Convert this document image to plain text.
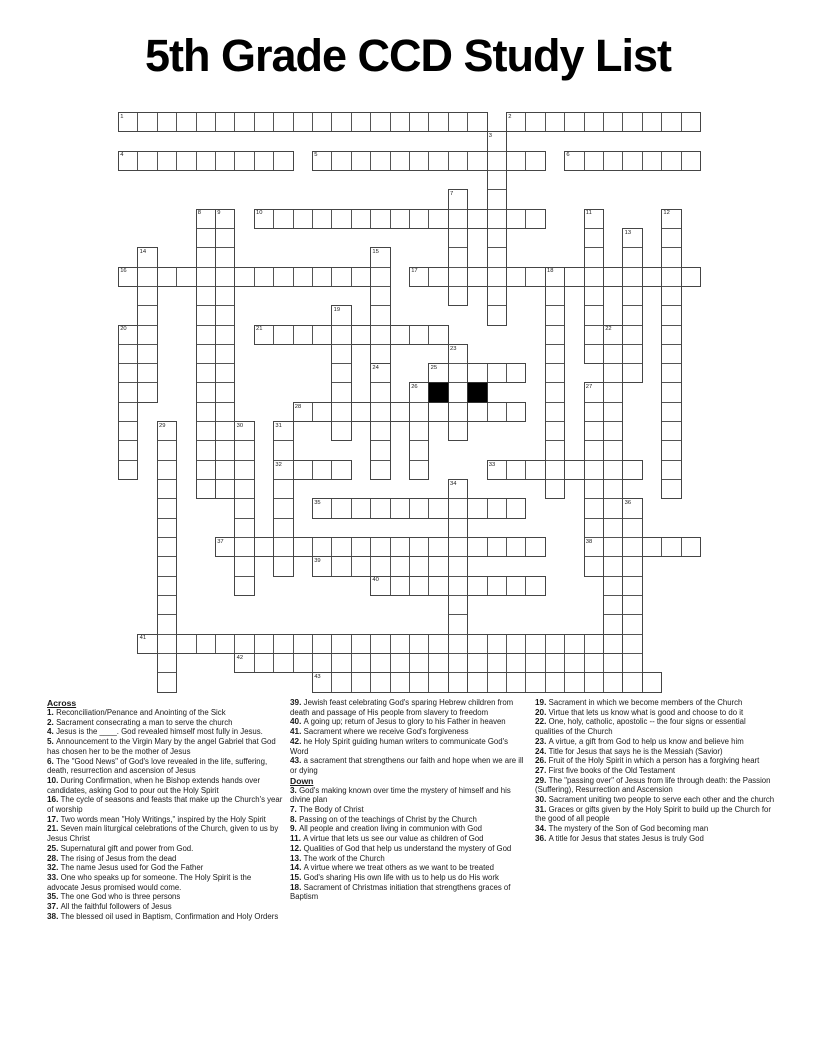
5th Grade CCD Study List
1	2
4	5	6
10
16	17
21
25
28
32	33
35
37	38
39
40
41
42
43
3
7
8	9	11	12
13
14	15
18
19
20	22
23
24
26	27
29	30	31
34
36
Across
1. Reconciliation/Penance and Anointing of the Sick
2. Sacrament consecrating a man to serve the church
4. Jesus is the ____. God revealed himself most fully in Jesus.
5. Announcement to the Virgin Mary by the angel Gabriel that God has chosen her to be the mother of Jesus
6. The "Good News" of God's love revealed in the life, suffering, death, resurrection and ascension of Jesus
10. During Confirmation, when he Bishop extends hands over candidates, asking God to pour out the Holy Spirit
16. The cycle of seasons and feasts that make up the Church's year of worship
17. Two words mean "Holy Writings," inspired by the Holy Spirit
21. Seven main liturgical celebrations of the Church, given to us by Jesus Christ
25. Supernatural gift and power from God.
28. The rising of Jesus from the dead
32. The name Jesus used for God the Father
33. One who speaks up for someone. The Holy Spirit is the advocate Jesus promised would come.
35. The one God who is three persons
37. All the faithful followers of Jesus
38. The blessed oil used in Baptism, Confirmation and Holy Orders
39. Jewish feast celebrating God's sparing Hebrew children from death and passage of His people from slavery to freedom
40. A going up; return of Jesus to glory to his Father in heaven
41. Sacrament where we receive God's forgiveness
42. he Holy Spirit guiding human writers to communicate God's Word
43. a sacrament that strengthens our faith and hope when we are ill or dying
Down
3. God's making known over time the mystery of himself and his divine plan
7. The Body of Christ
8. Passing on of the teachings of Christ by the Church
9. All people and creation living in communion with God
11. A virtue that lets us see our value as children of God
12. Qualities of God that help us understand the mystery of God
13. The work of the Church
14. A virtue where we treat others as we want to be treated
15. God's sharing His own life with us to help us do His work
18. Sacrament of Christmas initiation that strengthens graces of Baptism
19. Sacrament in which we become members of the Church
20. Virtue that lets us know what is good and choose to do it
22. One, holy, catholic, apostolic -- the four signs or essential qualities of the Church
23. A virtue, a gift from God to help us know and believe him
24. Title for Jesus that says he is the Messiah (Savior)
26. Fruit of the Holy Spirit in which a person has a forgiving heart
27. First five books of the Old Testament
29. The "passing over" of Jesus from life through death: the Passion (Suffering), Resurrection and Ascension
30. Sacrament uniting two people to serve each other and the church
31. Graces or gifts given by the Holy Spirit to build up the Church for the good of all people
34. The mystery of the Son of God becoming man
36. A title for Jesus that states Jesus is truly God
